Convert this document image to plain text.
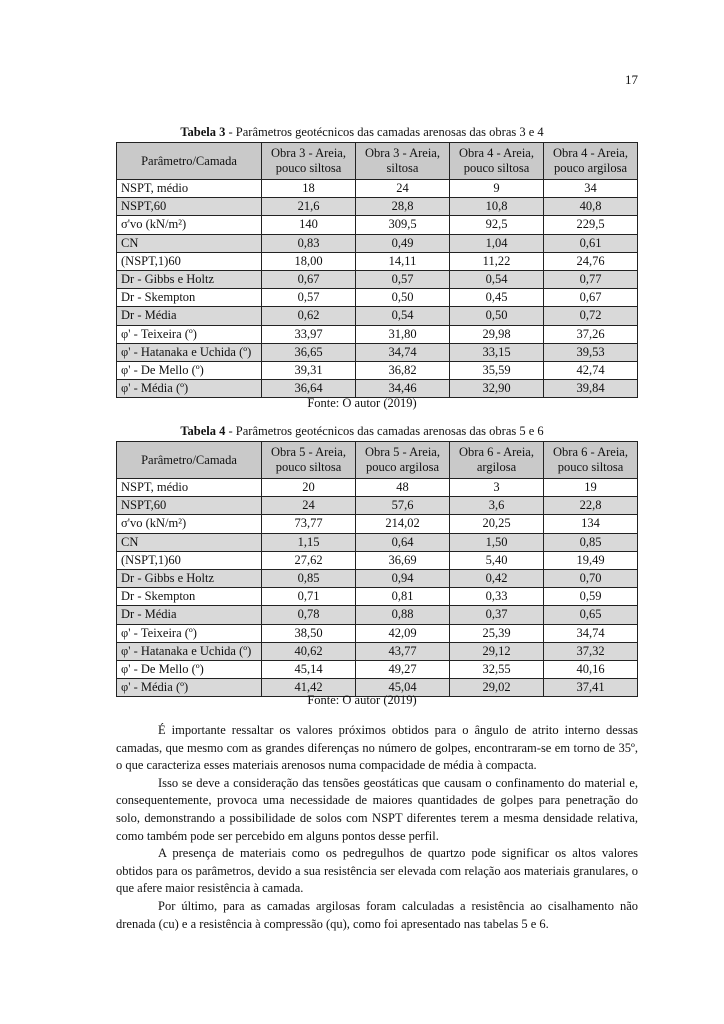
17
Tabela 3 - Parâmetros geotécnicos das camadas arenosas das obras 3 e 4
Parâmetro/Camada	Obra 3 - Areia, pouco siltosa	Obra 3 - Areia, siltosa	Obra 4 - Areia, pouco siltosa	Obra 4 - Areia, pouco argilosa
NSPT, médio	18	24	9	34
NSPT,60	21,6	28,8	10,8	40,8
σ'vo (kN/m²)	140	309,5	92,5	229,5
CN	0,83	0,49	1,04	0,61
(NSPT,1)60	18,00	14,11	11,22	24,76
Dr - Gibbs e Holtz	0,67	0,57	0,54	0,77
Dr - Skempton	0,57	0,50	0,45	0,67
Dr - Média	0,62	0,54	0,50	0,72
φ' - Teixeira (º)	33,97	31,80	29,98	37,26
φ' - Hatanaka e Uchida (º)	36,65	34,74	33,15	39,53
φ' - De Mello (º)	39,31	36,82	35,59	42,74
φ' - Média (º)	36,64	34,46	32,90	39,84
Fonte: O autor (2019)
Tabela 4 - Parâmetros geotécnicos das camadas arenosas das obras 5 e 6
Parâmetro/Camada	Obra 5 - Areia, pouco siltosa	Obra 5 - Areia, pouco argilosa	Obra 6 - Areia, argilosa	Obra 6 - Areia, pouco siltosa
NSPT, médio	20	48	3	19
NSPT,60	24	57,6	3,6	22,8
σ'vo (kN/m²)	73,77	214,02	20,25	134
CN	1,15	0,64	1,50	0,85
(NSPT,1)60	27,62	36,69	5,40	19,49
Dr - Gibbs e Holtz	0,85	0,94	0,42	0,70
Dr - Skempton	0,71	0,81	0,33	0,59
Dr - Média	0,78	0,88	0,37	0,65
φ' - Teixeira (º)	38,50	42,09	25,39	34,74
φ' - Hatanaka e Uchida (º)	40,62	43,77	29,12	37,32
φ' - De Mello (º)	45,14	49,27	32,55	40,16
φ' - Média (º)	41,42	45,04	29,02	37,41
Fonte: O autor (2019)

É importante ressaltar os valores próximos obtidos para o ângulo de atrito interno dessas camadas, que mesmo com as grandes diferenças no número de golpes, encontraram-se em torno de 35º, o que caracteriza esses materiais arenosos numa compacidade de média à compacta.

Isso se deve a consideração das tensões geostáticas que causam o confinamento do material e, consequentemente, provoca uma necessidade de maiores quantidades de golpes para penetração do solo, demonstrando a possibilidade de solos com NSPT diferentes terem a mesma densidade relativa, como também pode ser percebido em alguns pontos desse perfil.

A presença de materiais como os pedregulhos de quartzo pode significar os altos valores obtidos para os parâmetros, devido a sua resistência ser elevada com relação aos materiais granulares, o que afere maior resistência à camada.

Por último, para as camadas argilosas foram calculadas a resistência ao cisalhamento não drenada (cu) e a resistência à compressão (qu), como foi apresentado nas tabelas 5 e 6.
